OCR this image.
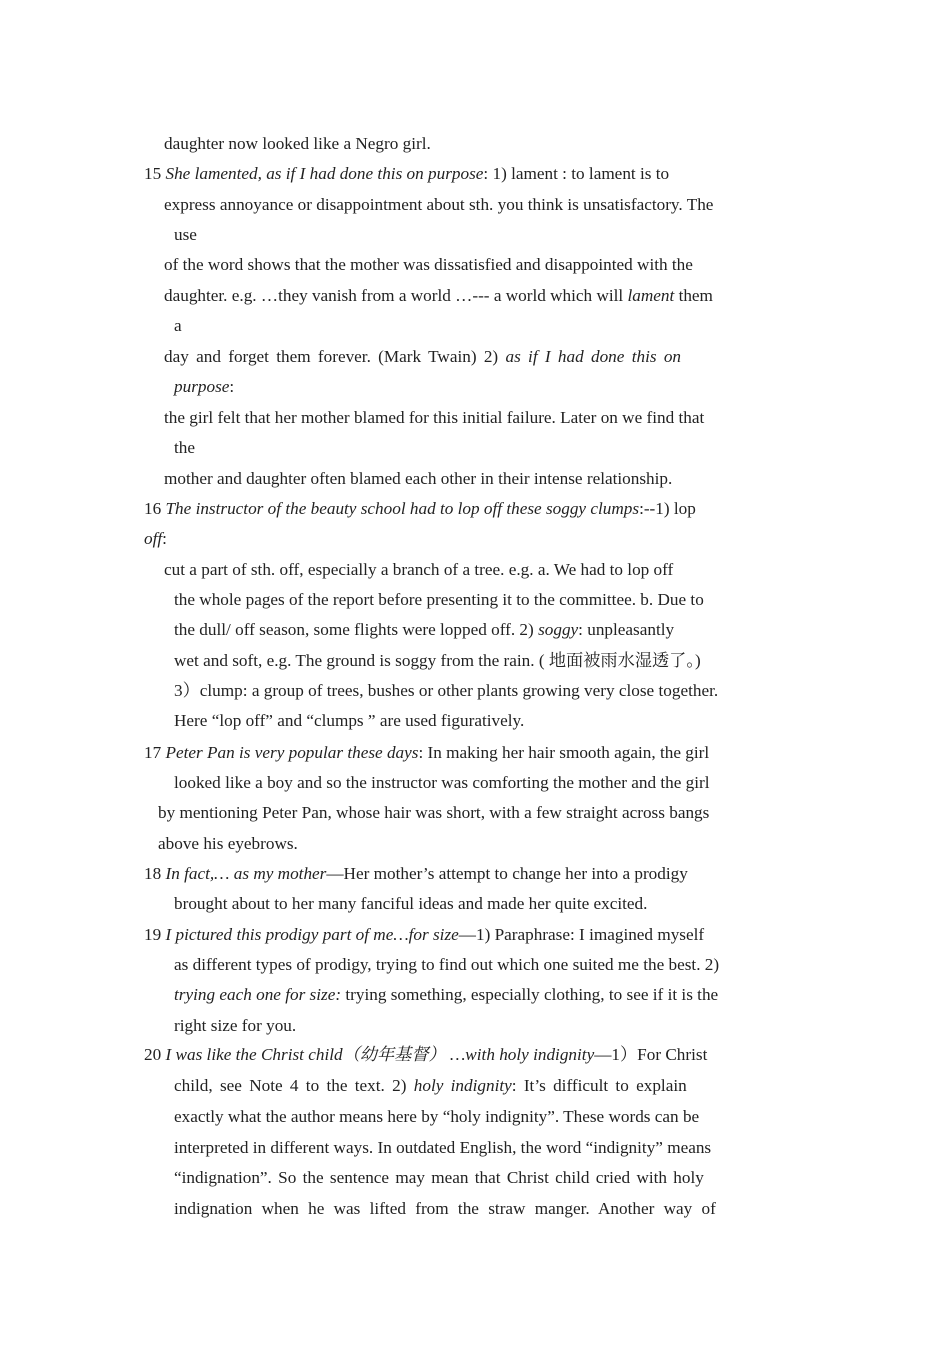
daughter now looked like a Negro girl.
15 She lamented, as if I had done this on purpose: 1) lament : to lament is to
express annoyance or disappointment about sth. you think is unsatisfactory. The
use
of the word shows that the mother was dissatisfied and disappointed with the
daughter. e.g. …they vanish from a world …--- a world which will lament them
a
day and forget them forever. (Mark Twain) 2) as if I had done this on
purpose:
the girl felt that her mother blamed for this initial failure. Later on we find that
the
mother and daughter often blamed each other in their intense relationship.
16 The instructor of the beauty school had to lop off these soggy clumps:--1) lop
off:
cut a part of sth. off, especially a branch of a tree. e.g. a. We had to lop off
the whole pages of the report before presenting it to the committee. b. Due to
the dull/ off season, some flights were lopped off. 2) soggy: unpleasantly
wet and soft, e.g. The ground is soggy from the rain. ( 地面被雨水湿透了。)
3）clump: a group of trees, bushes or other plants growing very close together.
Here “lop off” and “clumps ” are used figuratively.
17 Peter Pan is very popular these days: In making her hair smooth again, the girl
looked like a boy and so the instructor was comforting the mother and the girl
by mentioning Peter Pan, whose hair was short, with a few straight across bangs
above his eyebrows.
18 In fact,… as my mother—Her mother’s attempt to change her into a prodigy
brought about to her many fanciful ideas and made her quite excited.
19 I pictured this prodigy part of me…for size—1) Paraphrase: I imagined myself
as different types of prodigy, trying to find out which one suited me the best. 2)
trying each one for size: trying something, especially clothing, to see if it is the
right size for you.
20 I was like the Christ child（幼年基督） …with holy indignity—1）For Christ
child, see Note 4 to the text. 2) holy indignity: It’s difficult to explain
exactly what the author means here by “holy indignity”. These words can be
interpreted in different ways. In outdated English, the word “indignity” means
“indignation”. So the sentence may mean that Christ child cried with holy
indignation when he was lifted from the straw manger. Another way of
